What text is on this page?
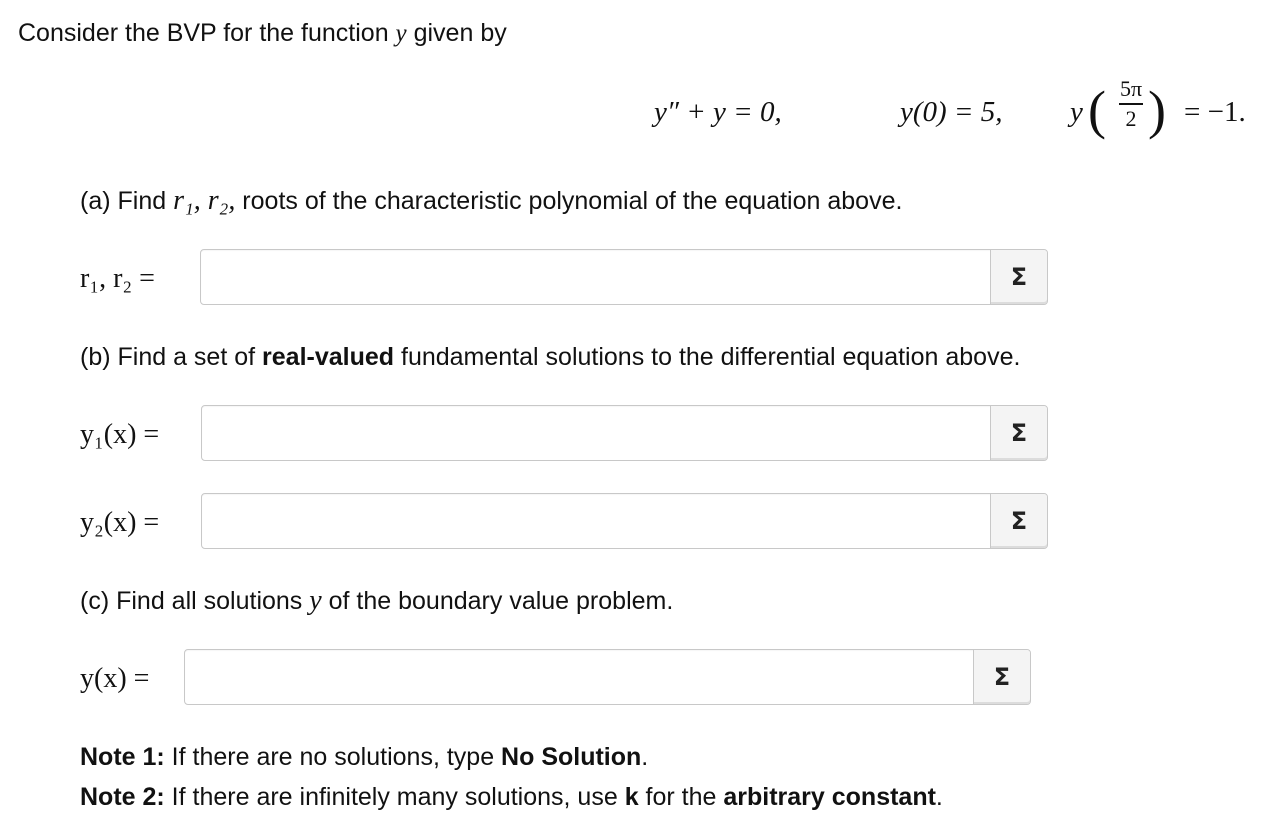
Consider the BVP for the function y given by
y″ + y = 0,	y(0) = 5, y ( 5π
2 ) = −1.
(a) Find r₁, r₂, roots of the characteristic polynomial of the equation above.
r₁, r₂ =	Σ
(b) Find a set of real-valued fundamental solutions to the differential equation above.
y₁(x) =	Σ
y₂(x) =	Σ
(c) Find all solutions y of the boundary value problem.
y(x) =	Σ
Note 1: If there are no solutions, type No Solution.
Note 2: If there are infinitely many solutions, use k for the arbitrary constant.
